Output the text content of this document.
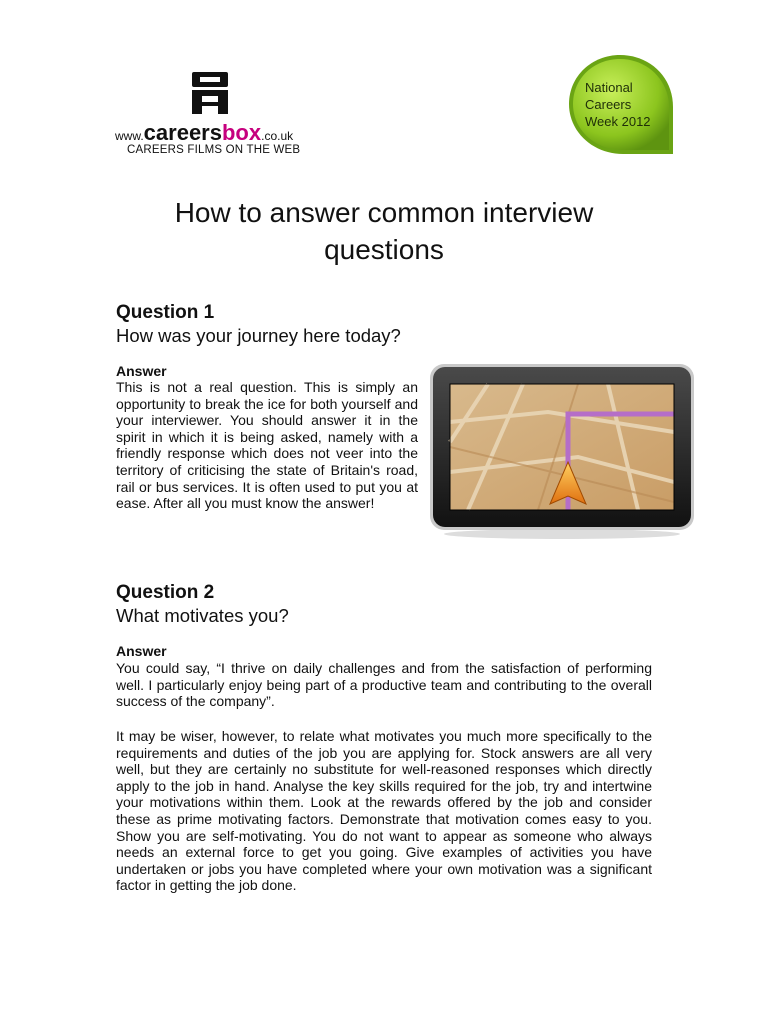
www.careersbox.co.uk
CAREERS FILMS ON THE WEB
National
Careers
Week 2012
How to answer common interview
questions
Question 1
How was your journey here today?
Answer
This is not a real question. This is simply an opportunity to break the ice for both yourself and your interviewer. You should answer it in the spirit in which it is being asked, namely with a friendly response which does not veer into the territory of criticising the state of Britain's road, rail or bus services. It is often used to put you at ease. After all you must know the answer!
Question 2
What motivates you?
Answer
You could say, “I thrive on daily challenges and from the satisfaction of performing well. I particularly enjoy being part of a productive team and contributing to the overall success of the company”.
It may be wiser, however, to relate what motivates you much more specifically to the requirements and duties of the job you are applying for. Stock answers are all very well, but they are certainly no substitute for well-reasoned responses which directly apply to the job in hand. Analyse the key skills required for the job, try and intertwine your motivations within them. Look at the rewards offered by the job and consider these as prime motivating factors. Demonstrate that motivation comes easy to you. Show you are self-motivating. You do not want to appear as someone who always needs an external force to get you going. Give examples of activities you have undertaken or jobs you have completed where your own motivation was a significant factor in getting the job done.
